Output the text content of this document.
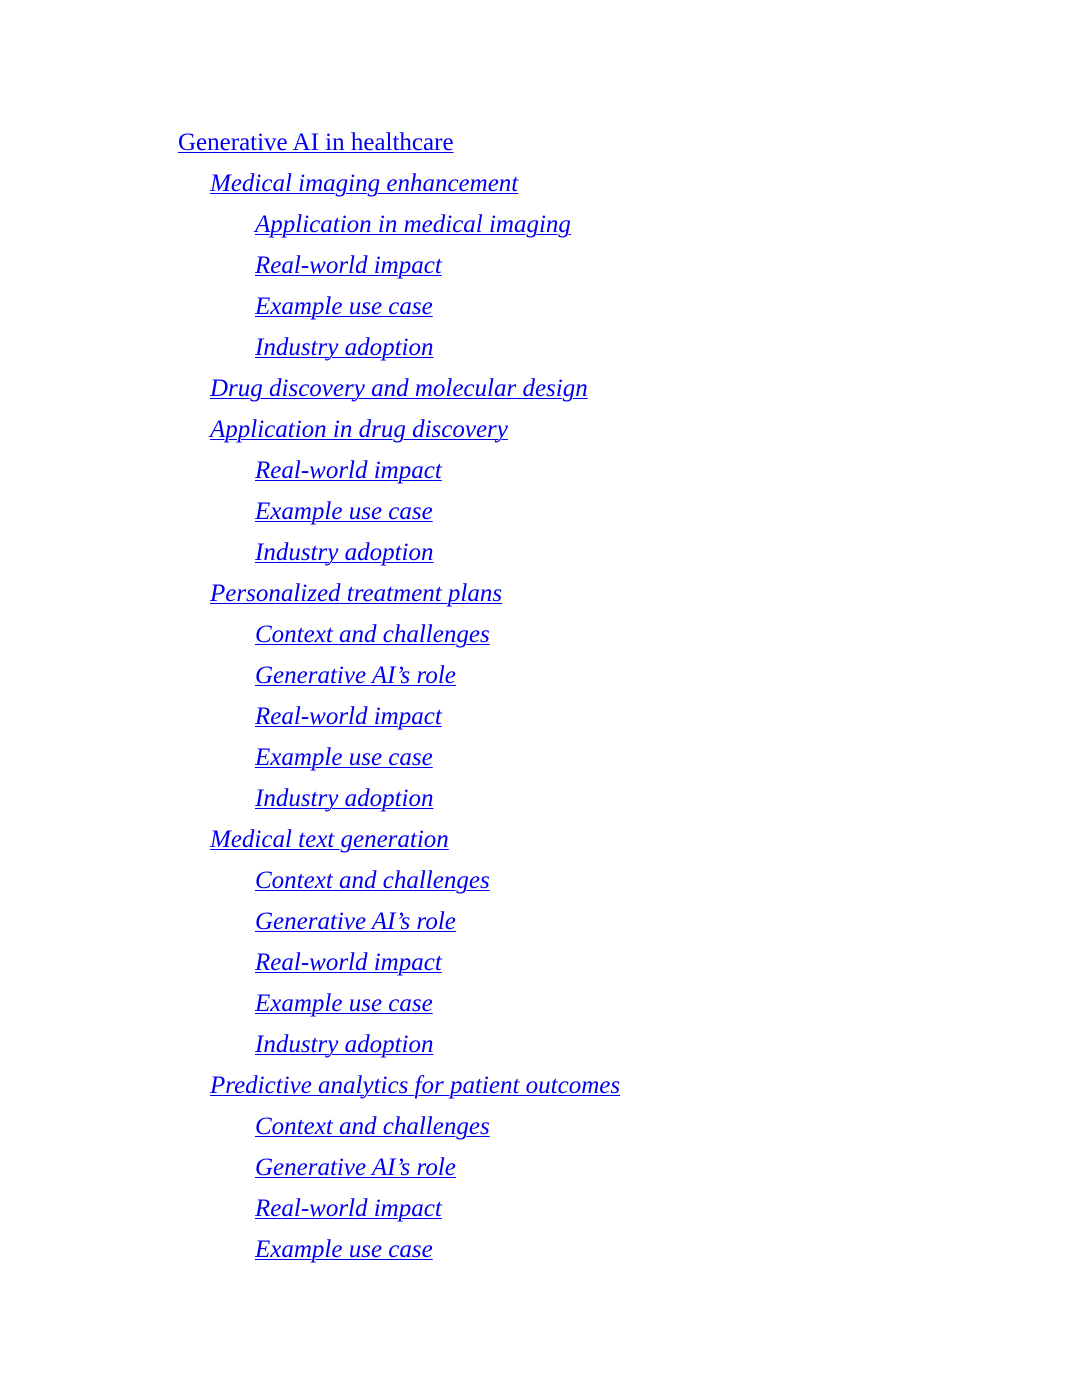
Generative AI in healthcare
Medical imaging enhancement
Application in medical imaging
Real-world impact
Example use case
Industry adoption
Drug discovery and molecular design
Application in drug discovery
Real-world impact
Example use case
Industry adoption
Personalized treatment plans
Context and challenges
Generative AI’s role
Real-world impact
Example use case
Industry adoption
Medical text generation
Context and challenges
Generative AI’s role
Real-world impact
Example use case
Industry adoption
Predictive analytics for patient outcomes
Context and challenges
Generative AI’s role
Real-world impact
Example use case
